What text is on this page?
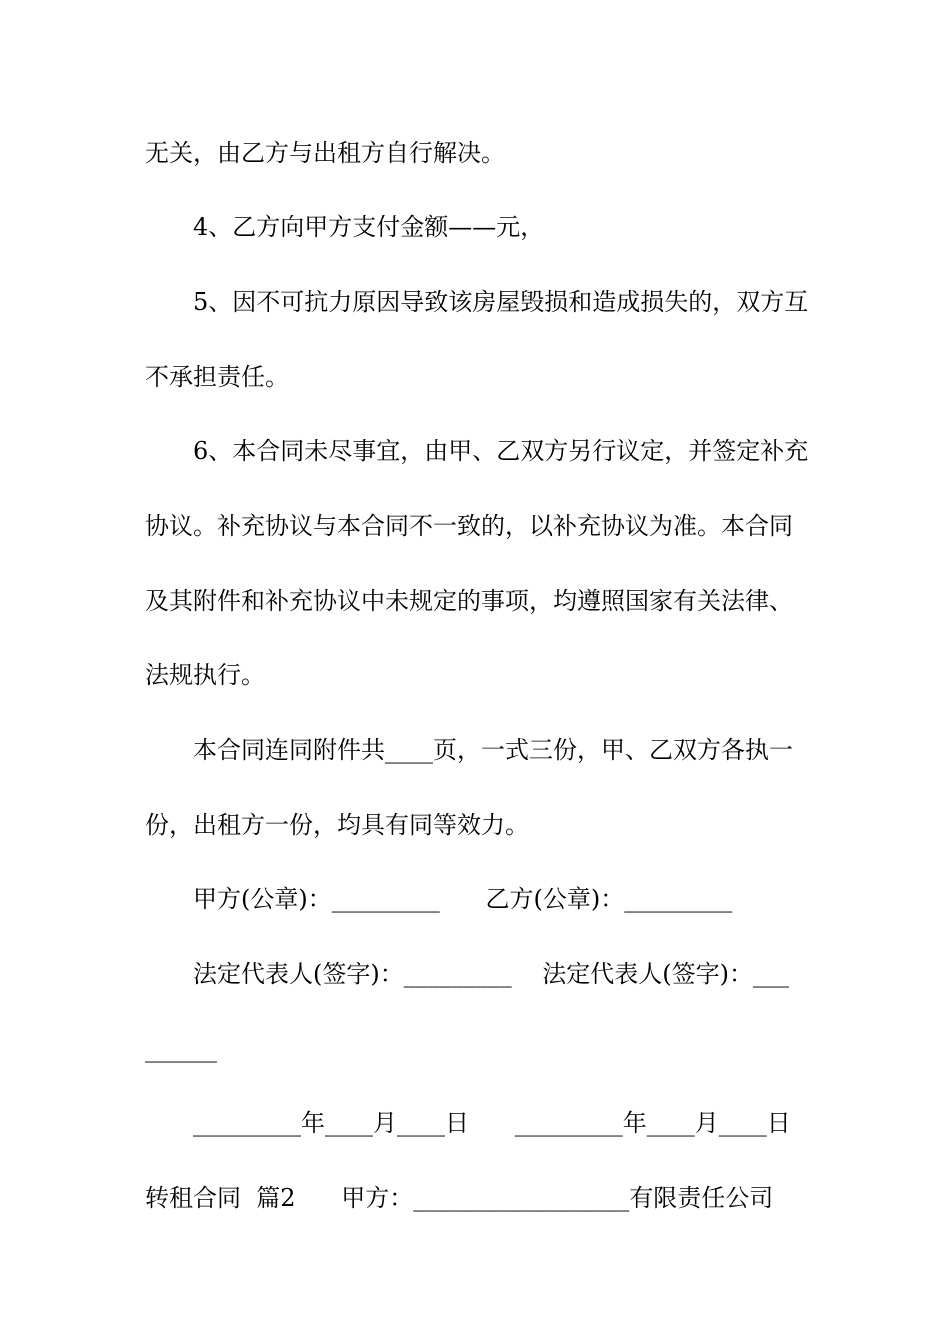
无关，由乙方与出租方自行解决。

4、乙方向甲方支付金额——元，

5、因不可抗力原因导致该房屋毁损和造成损失的，双方互

不承担责任。

6、本合同未尽事宜，由甲、乙双方另行议定，并签定补充

协议。补充协议与本合同不一致的，以补充协议为准。本合同

及其附件和补充协议中未规定的事项，均遵照国家有关法律、

法规执行。

本合同连同附件共____页，一式三份，甲、乙双方各执一

份，出租方一份，均具有同等效力。

甲方(公章)：_________      乙方(公章)：_________

法定代表人(签字)：_________    法定代表人(签字)：___

______

_________年____月____日      _________年____月____日

转租合同  篇2      甲方：__________________有限责任公司
